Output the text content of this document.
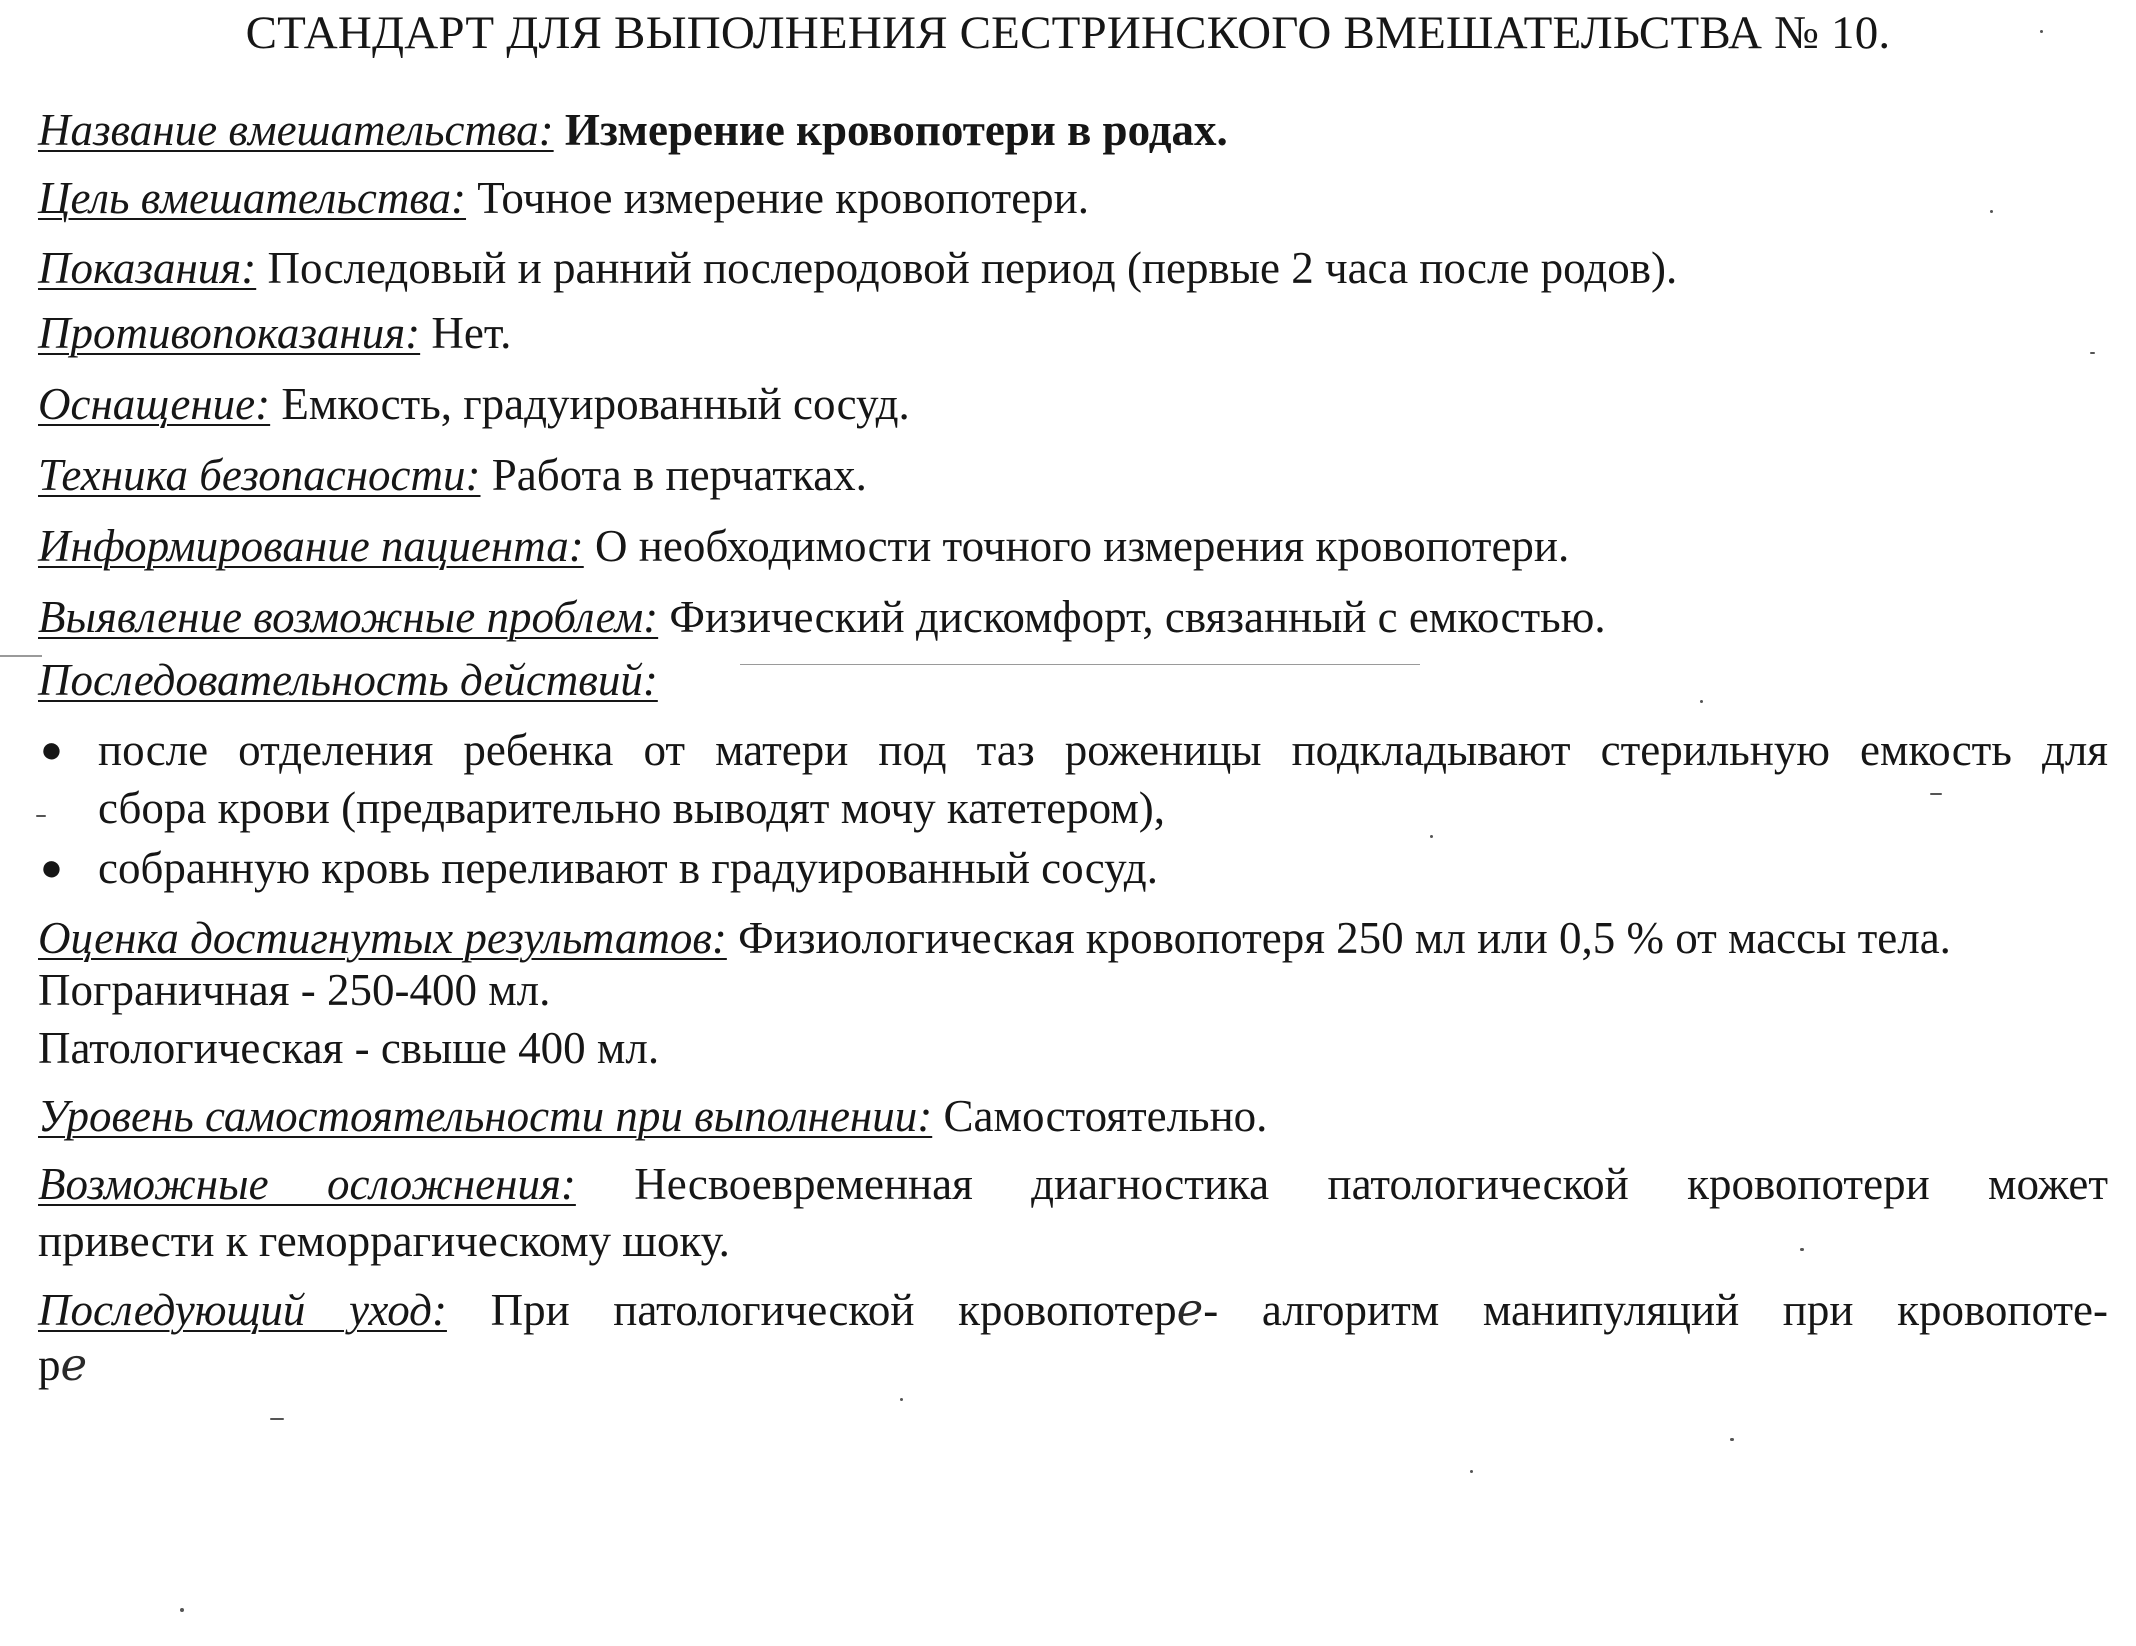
СТАНДАРТ ДЛЯ ВЫПОЛНЕНИЯ СЕСТРИНСКОГО ВМЕШАТЕЛЬСТВА № 10.
Название вмешательства: Измерение кровопотери в родах.
Цель вмешательства: Точное измерение кровопотери.
Показания: Последовый и ранний послеродовой период (первые 2 часа после родов).
Противопоказания: Нет.
Оснащение: Емкость, градуированный сосуд.
Техника безопасности: Работа в перчатках.
Информирование пациента: О необходимости точного измерения кровопотери.
Выявление возможные проблем: Физический дискомфорт, связанный с емкостью.
Последовательность действий:
● после отделения ребенка от матери под таз роженицы подкладывают стерильную емкость для
сбора крови (предварительно выводят мочу катетером),
● собранную кровь переливают в градуированный сосуд.
Оценка достигнутых результатов: Физиологическая кровопотеря 250 мл или 0,5 % от массы тела.
Пограничная - 250-400 мл.
Патологическая - свыше 400 мл.
Уровень самостоятельности при выполнении: Самостоятельно.
Возможные осложнения: Несвоевременная диагностика патологической кровопотери может
привести к геморрагическому шоку.
Последующий уход: При патологической кровопотере- алгоритм манипуляций при кровопоте-
ре
